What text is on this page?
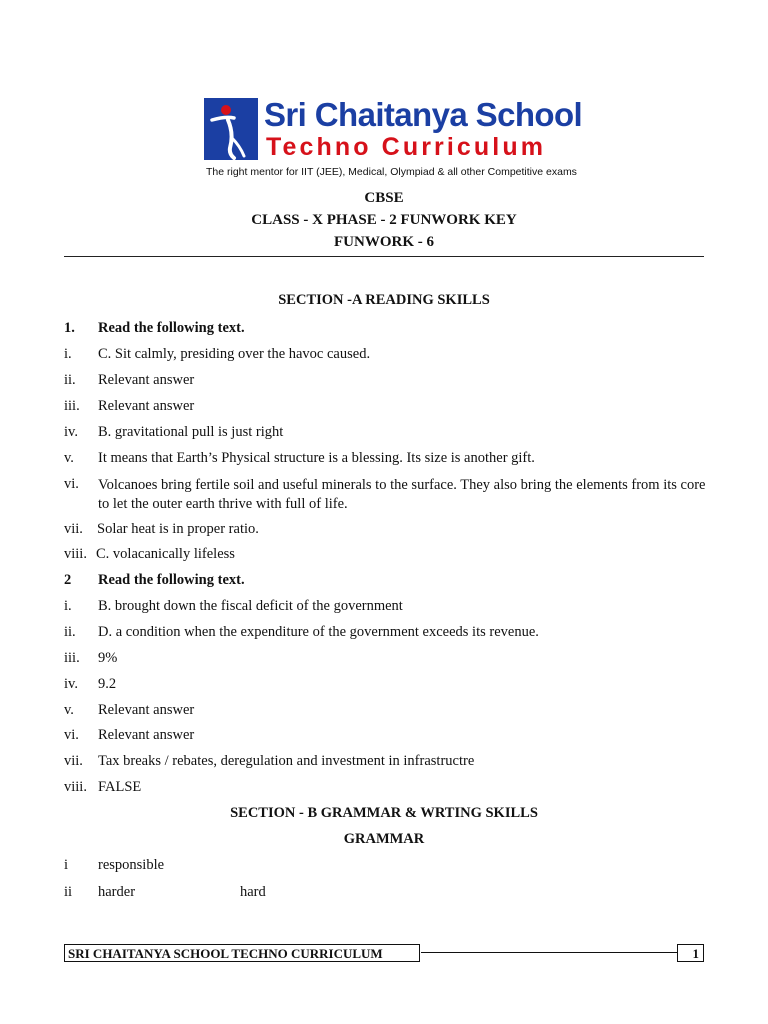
Sri Chaitanya School
Techno Curriculum
The right mentor for IIT (JEE), Medical, Olympiad & all other Competitive exams
CBSE
CLASS - X PHASE - 2 FUNWORK KEY
FUNWORK - 6
SECTION -A READING SKILLS
1. Read the following text.
i. C. Sit calmly, presiding over the havoc caused.
ii. Relevant answer
iii. Relevant answer
iv. B. gravitational pull is just right
v. It means that Earth’s Physical structure is a blessing. Its size is another gift.
vi. Volcanoes bring fertile soil and useful minerals to the surface. They also bring the elements from its core to let the outer earth thrive with full of life.
vii. Solar heat is in proper ratio.
viii. C. volacanically lifeless
2 Read the following text.
i. B. brought down the fiscal deficit of the government
ii. D. a condition when the expenditure of the government exceeds its revenue.
iii. 9%
iv. 9.2
v. Relevant answer
vi. Relevant answer
vii. Tax breaks / rebates, deregulation and investment in infrastructre
viii. FALSE
SECTION - B GRAMMAR & WRTING SKILLS
GRAMMAR
i responsible
ii harder	hard
SRI CHAITANYA SCHOOL TECHNO CURRICULUM	1
